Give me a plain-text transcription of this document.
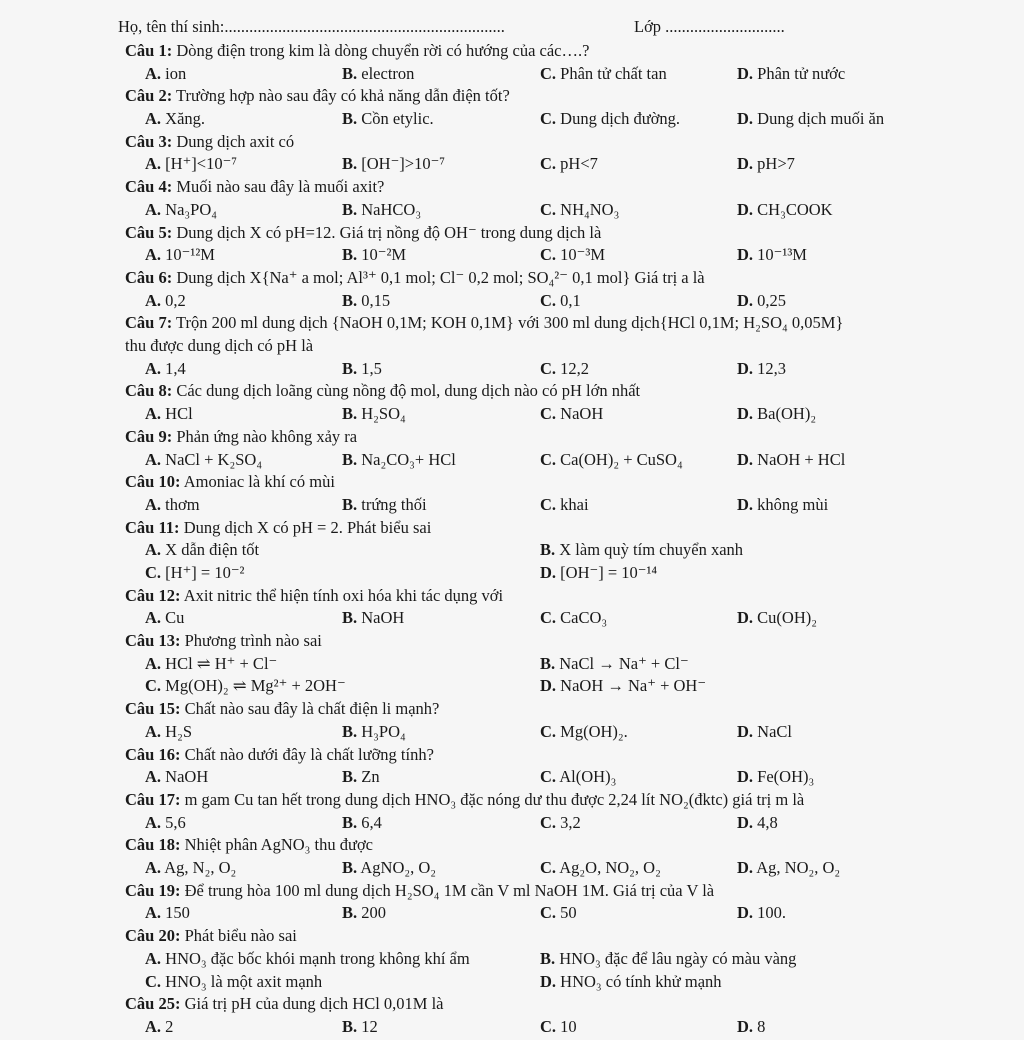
Họ, tên thí sinh:....................................................................	Lớp .............................
Câu 1: Dòng điện trong kim là dòng chuyển rời có hướng của các….?
A. ion	B. electron	C. Phân tử chất tan	D. Phân tử nước
Câu 2: Trường hợp nào sau đây có khả năng dẫn điện tốt?
A. Xăng.	B. Cồn etylic.	C. Dung dịch đường.	D. Dung dịch muối ăn
Câu 3: Dung dịch axit có
A. [H⁺]<10⁻⁷	B. [OH⁻]>10⁻⁷	C. pH<7	D. pH>7
Câu 4: Muối nào sau đây là muối axit?
A. Na₃PO₄	B. NaHCO₃	C. NH₄NO₃	D. CH₃COOK
Câu 5: Dung dịch X có pH=12. Giá trị nồng độ OH⁻ trong dung dịch là
A. 10⁻¹²M	B. 10⁻²M	C. 10⁻³M	D. 10⁻¹³M
Câu 6: Dung dịch X{Na⁺ a mol; Al³⁺ 0,1 mol; Cl⁻ 0,2 mol; SO₄²⁻ 0,1 mol} Giá trị a là
A. 0,2	B. 0,15	C. 0,1	D. 0,25
Câu 7: Trộn 200 ml dung dịch {NaOH 0,1M; KOH 0,1M} với 300 ml dung dịch{HCl 0,1M; H₂SO₄ 0,05M}
thu được dung dịch có pH là
A. 1,4	B. 1,5	C. 12,2	D. 12,3
Câu 8: Các dung dịch loãng cùng nồng độ mol, dung dịch nào có pH lớn nhất
A. HCl	B. H₂SO₄	C. NaOH	D. Ba(OH)₂
Câu 9: Phản ứng nào không xảy ra
A. NaCl + K₂SO₄	B. Na₂CO₃+ HCl	C. Ca(OH)₂ + CuSO₄	D. NaOH + HCl
Câu 10: Amoniac là khí có mùi
A. thơm	B. trứng thối	C. khai	D. không mùi
Câu 11: Dung dịch X có pH = 2. Phát biểu sai
A. X dẫn điện tốt	B. X làm quỳ tím chuyển xanh
C. [H⁺] = 10⁻²	D. [OH⁻] = 10⁻¹⁴
Câu 12: Axit nitric thể hiện tính oxi hóa khi tác dụng với
A. Cu	B. NaOH	C. CaCO₃	D. Cu(OH)₂
Câu 13: Phương trình nào sai
A. HCl ⇌ H⁺ + Cl⁻	B. NaCl → Na⁺ + Cl⁻
C. Mg(OH)₂ ⇌ Mg²⁺ + 2OH⁻	D. NaOH → Na⁺ + OH⁻
Câu 15: Chất nào sau đây là chất điện li mạnh?
A. H₂S	B. H₃PO₄	C. Mg(OH)₂.	D. NaCl
Câu 16: Chất nào dưới đây là chất lưỡng tính?
A. NaOH	B. Zn	C. Al(OH)₃	D. Fe(OH)₃
Câu 17: m gam Cu tan hết trong dung dịch HNO₃ đặc nóng dư thu được 2,24 lít NO₂(đktc) giá trị m là
A. 5,6	B. 6,4	C. 3,2	D. 4,8
Câu 18: Nhiệt phân AgNO₃ thu được
A. Ag, N₂, O₂	B. AgNO₂, O₂	C. Ag₂O, NO₂, O₂	D. Ag, NO₂, O₂
Câu 19: Để trung hòa 100 ml dung dịch H₂SO₄ 1M cần V ml NaOH 1M. Giá trị của V là
A. 150	B. 200	C. 50	D. 100.
Câu 20: Phát biểu nào sai
A. HNO₃ đặc bốc khói mạnh trong không khí ẩm	B. HNO₃ đặc để lâu ngày có màu vàng
C. HNO₃ là một axit mạnh	D. HNO₃ có tính khử mạnh
Câu 25: Giá trị pH của dung dịch HCl 0,01M là
A. 2	B. 12	C. 10	D. 8
